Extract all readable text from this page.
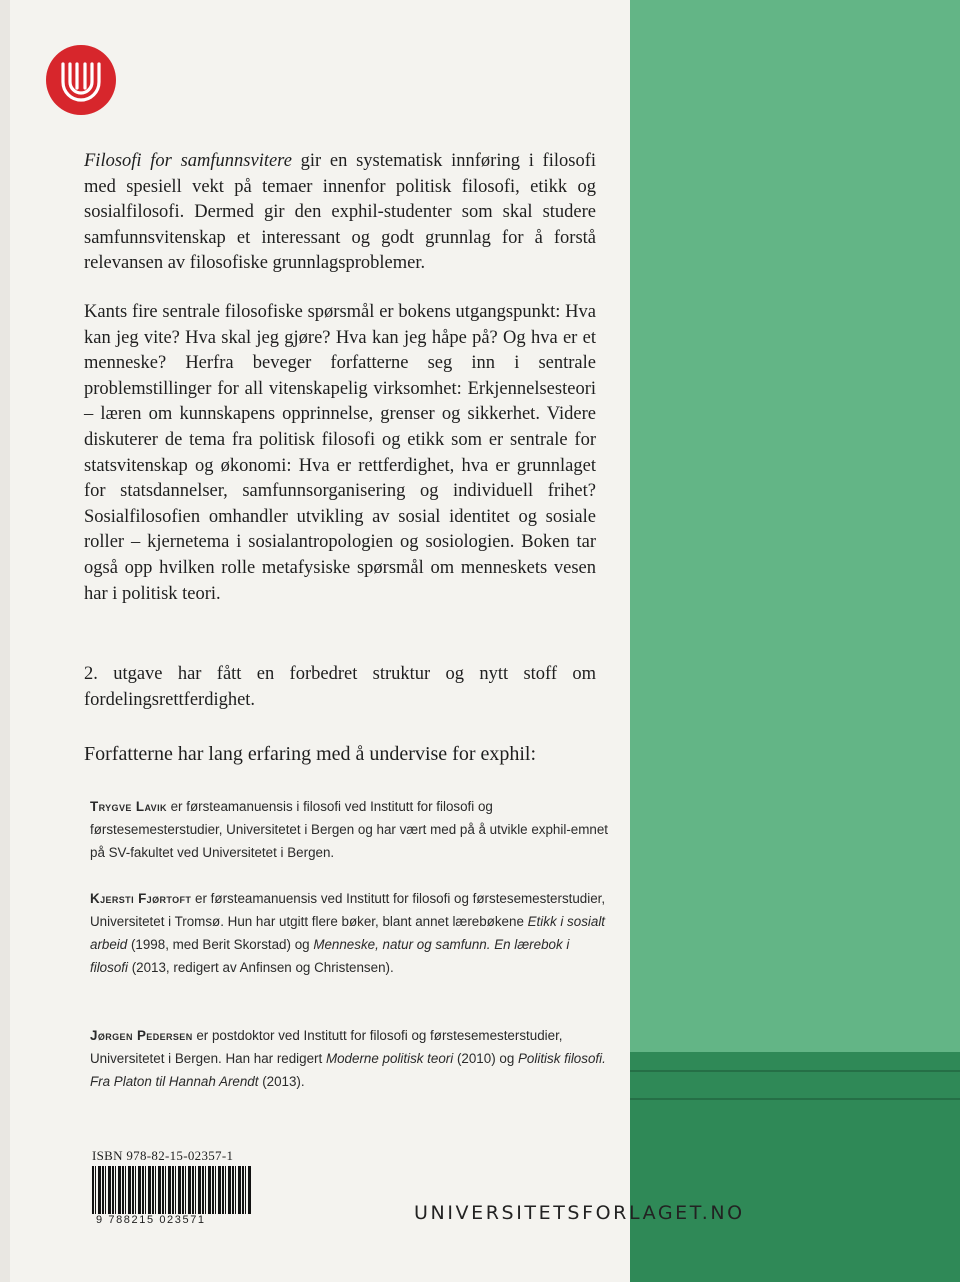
Filosofi for samfunnsvitere gir en systematisk innføring i filosofi med spesiell vekt på temaer innenfor politisk filosofi, etikk og sosialfilosofi. Dermed gir den exphil-studenter som skal studere samfunnsvitenskap et interessant og godt grunnlag for å forstå relevansen av filosofiske grunnlagsproblemer.

Kants fire sentrale filosofiske spørsmål er bokens utgangspunkt: Hva kan jeg vite? Hva skal jeg gjøre? Hva kan jeg håpe på? Og hva er et menneske? Herfra beveger forfatterne seg inn i sentrale problemstillinger for all vitenskapelig virksomhet: Erkjennelsesteori – læren om kunnskapens opprinnelse, grenser og sikkerhet. Videre diskuterer de tema fra politisk filosofi og etikk som er sentrale for statsvitenskap og økonomi: Hva er rettferdighet, hva er grunnlaget for statsdannelser, samfunnsorganisering og individuell frihet? Sosialfilosofien omhandler utvikling av sosial identitet og sosiale roller – kjernetema i sosialantropologien og sosiologien. Boken tar også opp hvilken rolle metafysiske spørsmål om menneskets vesen har i politisk teori.

2. utgave har fått en forbedret struktur og nytt stoff om fordelingsrettferdighet.

Forfatterne har lang erfaring med å undervise for exphil:

Trygve Lavik er førsteamanuensis i filosofi ved Institutt for filosofi og førstesemesterstudier, Universitetet i Bergen og har vært med på å utvikle exphil-emnet på SV-fakultet ved Universitetet i Bergen.

Kjersti Fjørtoft er førsteamanuensis ved Institutt for filosofi og førstesemesterstudier, Universitetet i Tromsø. Hun har utgitt flere bøker, blant annet lærebøkene Etikk i sosialt arbeid (1998, med Berit Skorstad) og Menneske, natur og samfunn. En lærebok i filosofi (2013, redigert av Anfinsen og Christensen).

Jørgen Pedersen er postdoktor ved Institutt for filosofi og førstesemesterstudier, Universitetet i Bergen. Han har redigert Moderne politisk teori (2010) og Politisk filosofi. Fra Platon til Hannah Arendt (2013).

ISBN 978-82-15-02357-1
9 788215 023571	UNIVERSITETSFORLAGET.NO
